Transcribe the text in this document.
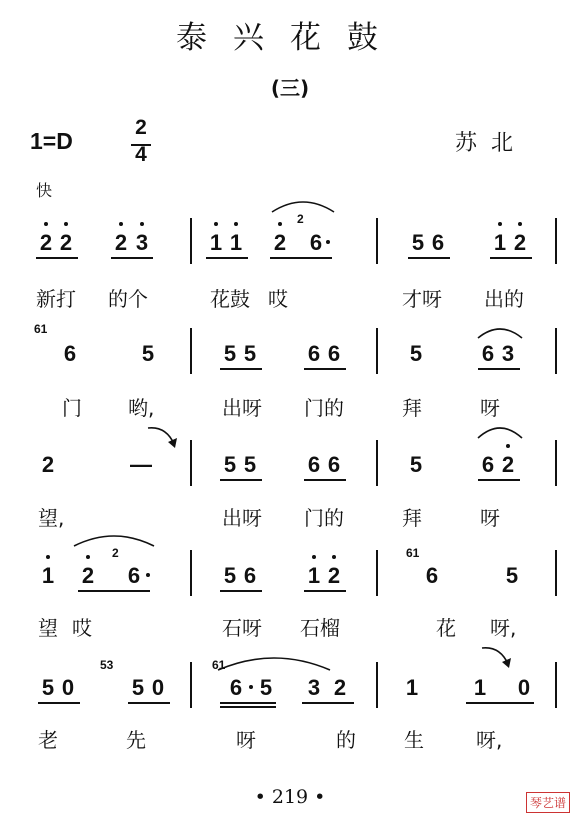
泰兴花鼓
(三)
1=D
2
4	苏北
快
2 2 2 3	1 1 2
2
6	5 6 1 2
新打 的个	花鼓 哎	才呀 出的
61
6	5	5 5 6 6	5	6 3
门 哟,	出呀 门的	拜	呀
2	—	5 5 6 6	5	6 2
望,	出呀 门的	拜	呀
1 2
2
6	5 6 1 2
61
6	5
望 哎	石呀 石榴	花 呀,
5 0
53
5 0
61
6 5 3 2	1	1 0
老	先	呀	的 生	呀,
• 219 •	琴艺谱
